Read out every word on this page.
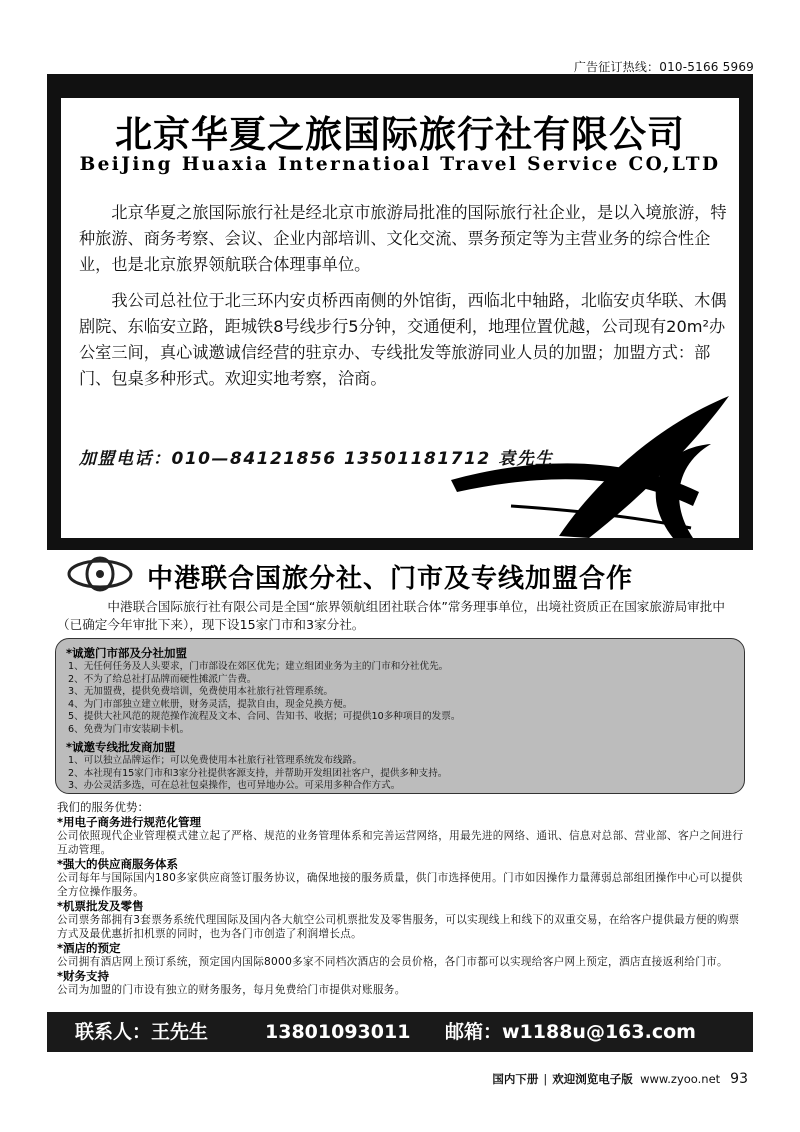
广告征订热线：010-5166 5969
北京华夏之旅国际旅行社有限公司
BeiJing Huaxia Internatioal Travel Service CO,LTD

北京华夏之旅国际旅行社是经北京市旅游局批准的国际旅行社企业，是以入境旅游，特种旅游、商务考察、会议、企业内部培训、文化交流、票务预定等为主营业务的综合性企业，也是北京旅界领航联合体理事单位。

我公司总社位于北三环内安贞桥西南侧的外馆街，西临北中轴路，北临安贞华联、木偶剧院、东临安立路，距城铁8号线步行5分钟，交通便利，地理位置优越，公司现有20m²办公室三间，真心诚邀诚信经营的驻京办、专线批发等旅游同业人员的加盟；加盟方式：部门、包桌多种形式。欢迎实地考察，洽商。

加盟电话：010—84121856 13501181712 袁先生
中港联合国旅分社、门市及专线加盟合作

中港联合国际旅行社有限公司是全国“旅界领航组团社联合体”常务理事单位，出境社资质正在国家旅游局审批中（已确定今年审批下来），现下设15家门市和3家分社。

*诚邀门市部及分社加盟
1、无任何任务及人头要求，门市部设在郊区优先；建立组团业务为主的门市和分社优先。
2、不为了给总社打品牌而硬性摊派广告费。
3、无加盟费，提供免费培训，免费使用本社旅行社管理系统。
4、为门市部独立建立帐册，财务灵活，提款自由，现金兑换方便。
5、提供大社风范的规范操作流程及文本、合同、告知书、收据；可提供10多种项目的发票。
6、免费为门市安装刷卡机。
*诚邀专线批发商加盟
1、可以独立品牌运作；可以免费使用本社旅行社管理系统发布线路。
2、本社现有15家门市和3家分社提供客源支持，并帮助开发组团社客户，提供多种支持。
3、办公灵活多选，可在总社包桌操作，也可异地办公。可采用多种合作方式。
我们的服务优势：
*用电子商务进行规范化管理
公司依照现代企业管理模式建立起了严格、规范的业务管理体系和完善运营网络，用最先进的网络、通讯、信息对总部、营业部、客户之间进行互动管理。
*强大的供应商服务体系
公司每年与国际国内180多家供应商签订服务协议，确保地接的服务质量，供门市选择使用。门市如因操作力量薄弱总部组团操作中心可以提供全方位操作服务。
*机票批发及零售
公司票务部拥有3套票务系统代理国际及国内各大航空公司机票批发及零售服务，可以实现线上和线下的双重交易，在给客户提供最方便的购票方式及最优惠折扣机票的同时，也为各门市创造了利润增长点。
*酒店的预定
公司拥有酒店网上预订系统，预定国内国际8000多家不同档次酒店的会员价格，各门市都可以实现给客户网上预定，酒店直接返利给门市。
*财务支持
公司为加盟的门市设有独立的财务服务，每月免费给门市提供对账服务。
联系人：王先生	13801093011 邮箱：w1188u@163.com
国内下册 | 欢迎浏览电子版 www.zyoo.net 93
